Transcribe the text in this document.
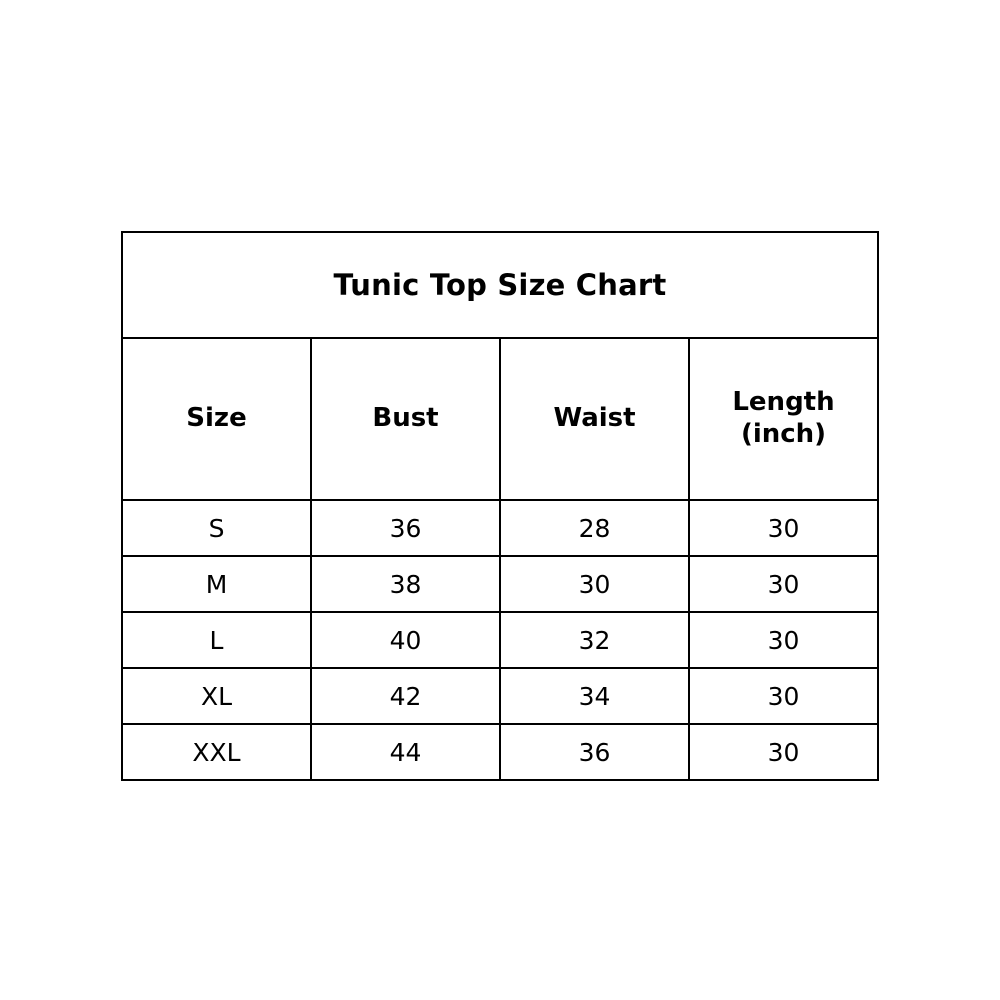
Tunic Top Size Chart			

Size	Bust	Waist	Length
(inch)

S	36	28	30
M	38	30	30
L	40	32	30
XL	42	34	30
XXL	44	36	30
